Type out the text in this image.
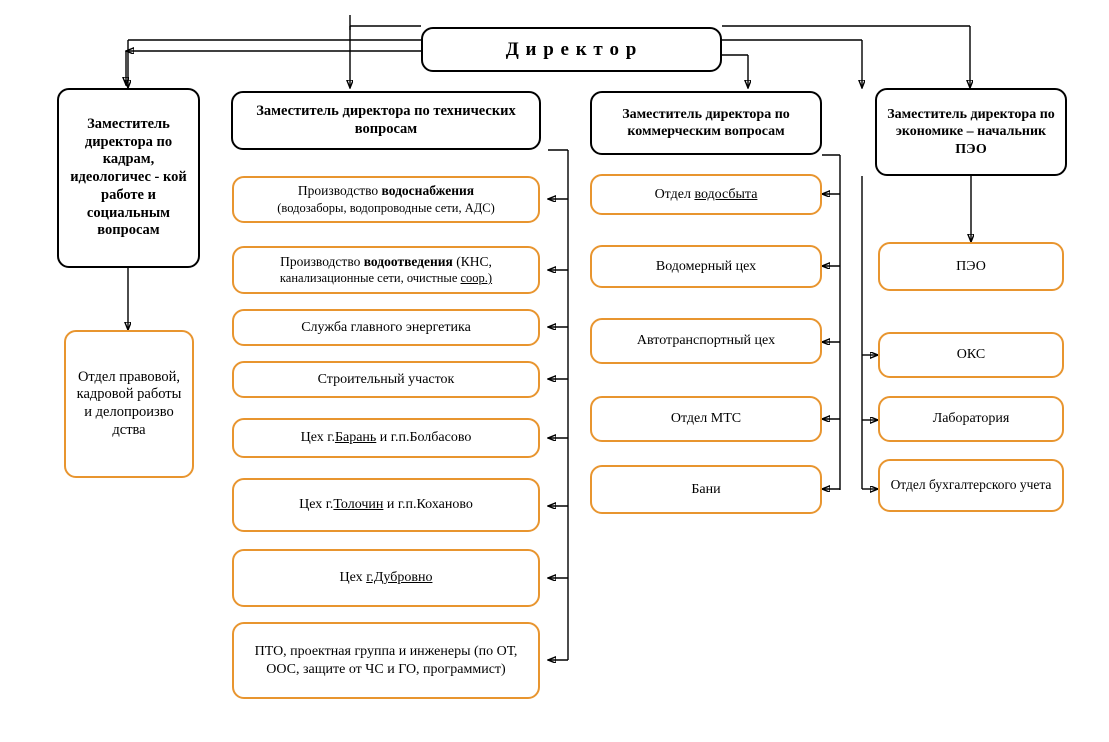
Д и р е к т о р
Заместитель директора по кадрам, идеологичес - кой работе и социальным вопросам
Заместитель директора по технических вопросам
Заместитель директора по коммерческим вопросам
Заместитель директора по экономике – начальник ПЭО
Отдел правовой, кадровой работы и делопроизво дства
Производство водоснабжения
(водозаборы, водопроводные сети, АДС)
Производство водоотведения (КНС,
канализационные сети, очистные соор.)
Служба главного энергетика
Строительный участок
Цех г.Барань и г.п.Болбасово
Цех г.Толочин и г.п.Коханово
Цех г.Дубровно
ПТО, проектная группа и инженеры (по ОТ, ООС, защите от ЧС и ГО, программист)
Отдел водосбыта
Водомерный цех
Автотранспортный цех
Отдел МТС
Бани
ПЭО
ОКС
Лаборатория
Отдел бухгалтерского учета
